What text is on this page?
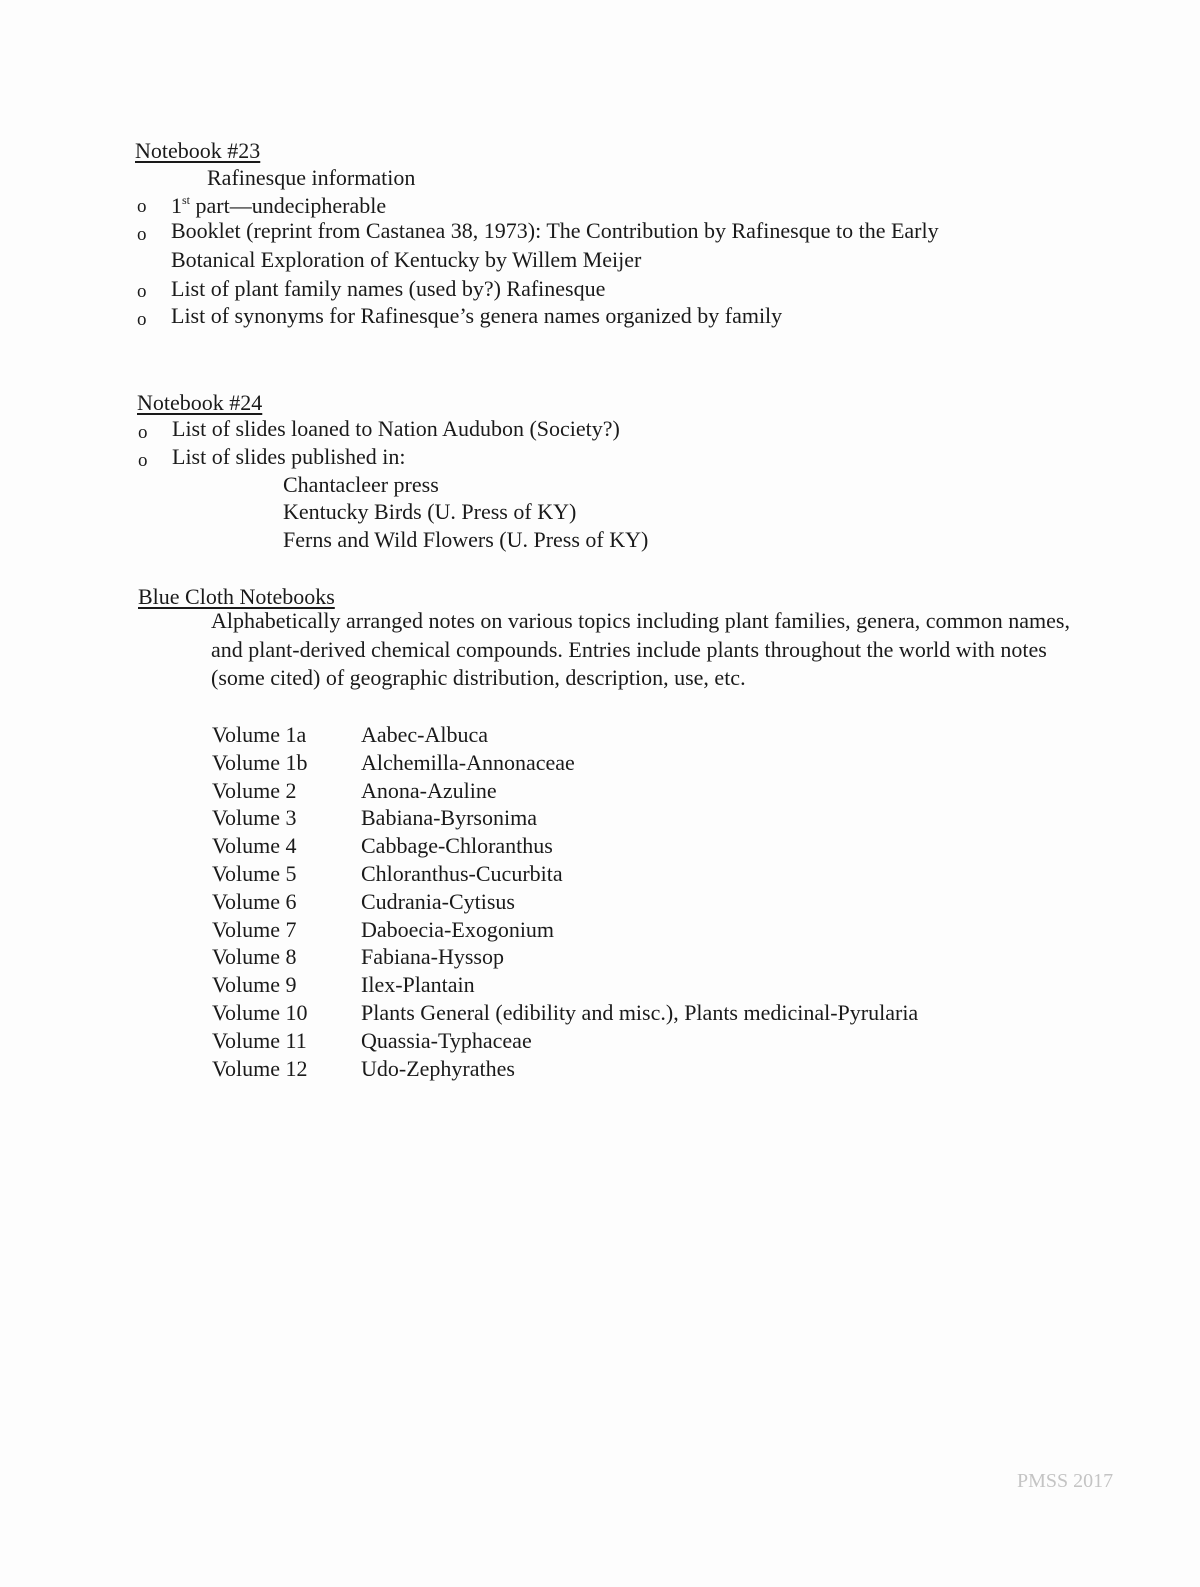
Notebook #23
Rafinesque information
o 1st part—undecipherable
o Booklet (reprint from Castanea 38, 1973): The Contribution by Rafinesque to the Early
Botanical Exploration of Kentucky by Willem Meijer
o List of plant family names (used by?) Rafinesque
o List of synonyms for Rafinesque’s genera names organized by family
Notebook #24
o List of slides loaned to Nation Audubon (Society?)
o List of slides published in:
Chantacleer press
Kentucky Birds (U. Press of KY)
Ferns and Wild Flowers (U. Press of KY)
Blue Cloth Notebooks
Alphabetically arranged notes on various topics including plant families, genera, common names, and plant-derived chemical compounds. Entries include plants throughout the world with notes (some cited) of geographic distribution, description, use, etc.
Volume 1a	Aabec-Albuca
Volume 1b	Alchemilla-Annonaceae
Volume 2	Anona-Azuline
Volume 3	Babiana-Byrsonima
Volume 4	Cabbage-Chloranthus
Volume 5	Chloranthus-Cucurbita
Volume 6	Cudrania-Cytisus
Volume 7	Daboecia-Exogonium
Volume 8	Fabiana-Hyssop
Volume 9	Ilex-Plantain
Volume 10	Plants General (edibility and misc.), Plants medicinal-Pyrularia
Volume 11	Quassia-Typhaceae
Volume 12	Udo-Zephyrathes
PMSS 2017
